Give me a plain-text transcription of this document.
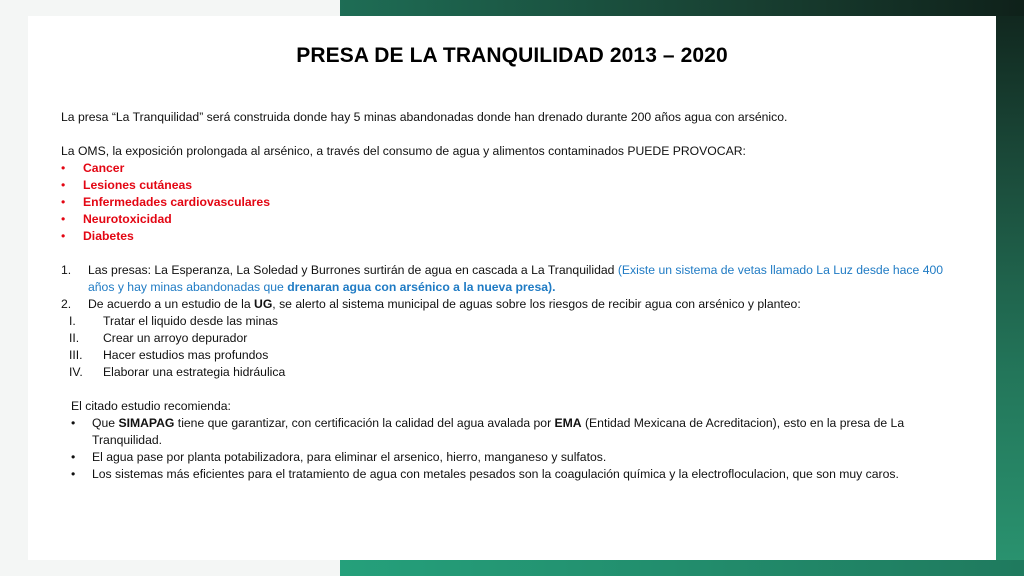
PRESA DE LA TRANQUILIDAD 2013 – 2020

La presa “La Tranquilidad” será construida donde hay 5 minas abandonadas donde han drenado durante 200 años agua con arsénico.

La OMS, la exposición prolongada al arsénico, a través del consumo de agua y alimentos contaminados PUEDE PROVOCAR:

• Cancer
• Lesiones cutáneas
• Enfermedades cardiovasculares
• Neurotoxicidad
• Diabetes
1. Las presas: La Esperanza, La Soledad y Burrones surtirán de agua en cascada a La Tranquilidad (Existe un sistema de vetas llamado La Luz desde hace 400 años y hay minas abandonadas que drenaran agua con arsénico a la nueva presa).
2. De acuerdo a un estudio de la UG, se alerto al sistema municipal de aguas sobre los riesgos de recibir agua con arsénico y planteo:
I. Tratar el liquido desde las minas
II. Crear un arroyo depurador
III. Hacer estudios mas profundos
IV. Elaborar una estrategia hidráulica

El citado estudio recomienda:

• Que SIMAPAG tiene que garantizar, con certificación la calidad del agua avalada por EMA (Entidad Mexicana de Acreditacion), esto en la presa de La Tranquilidad.
• El agua pase por planta potabilizadora, para eliminar el arsenico, hierro, manganeso y sulfatos.
• Los sistemas más eficientes para el tratamiento de agua con metales pesados son la coagulación química y la electrofloculacion, que son muy caros.
